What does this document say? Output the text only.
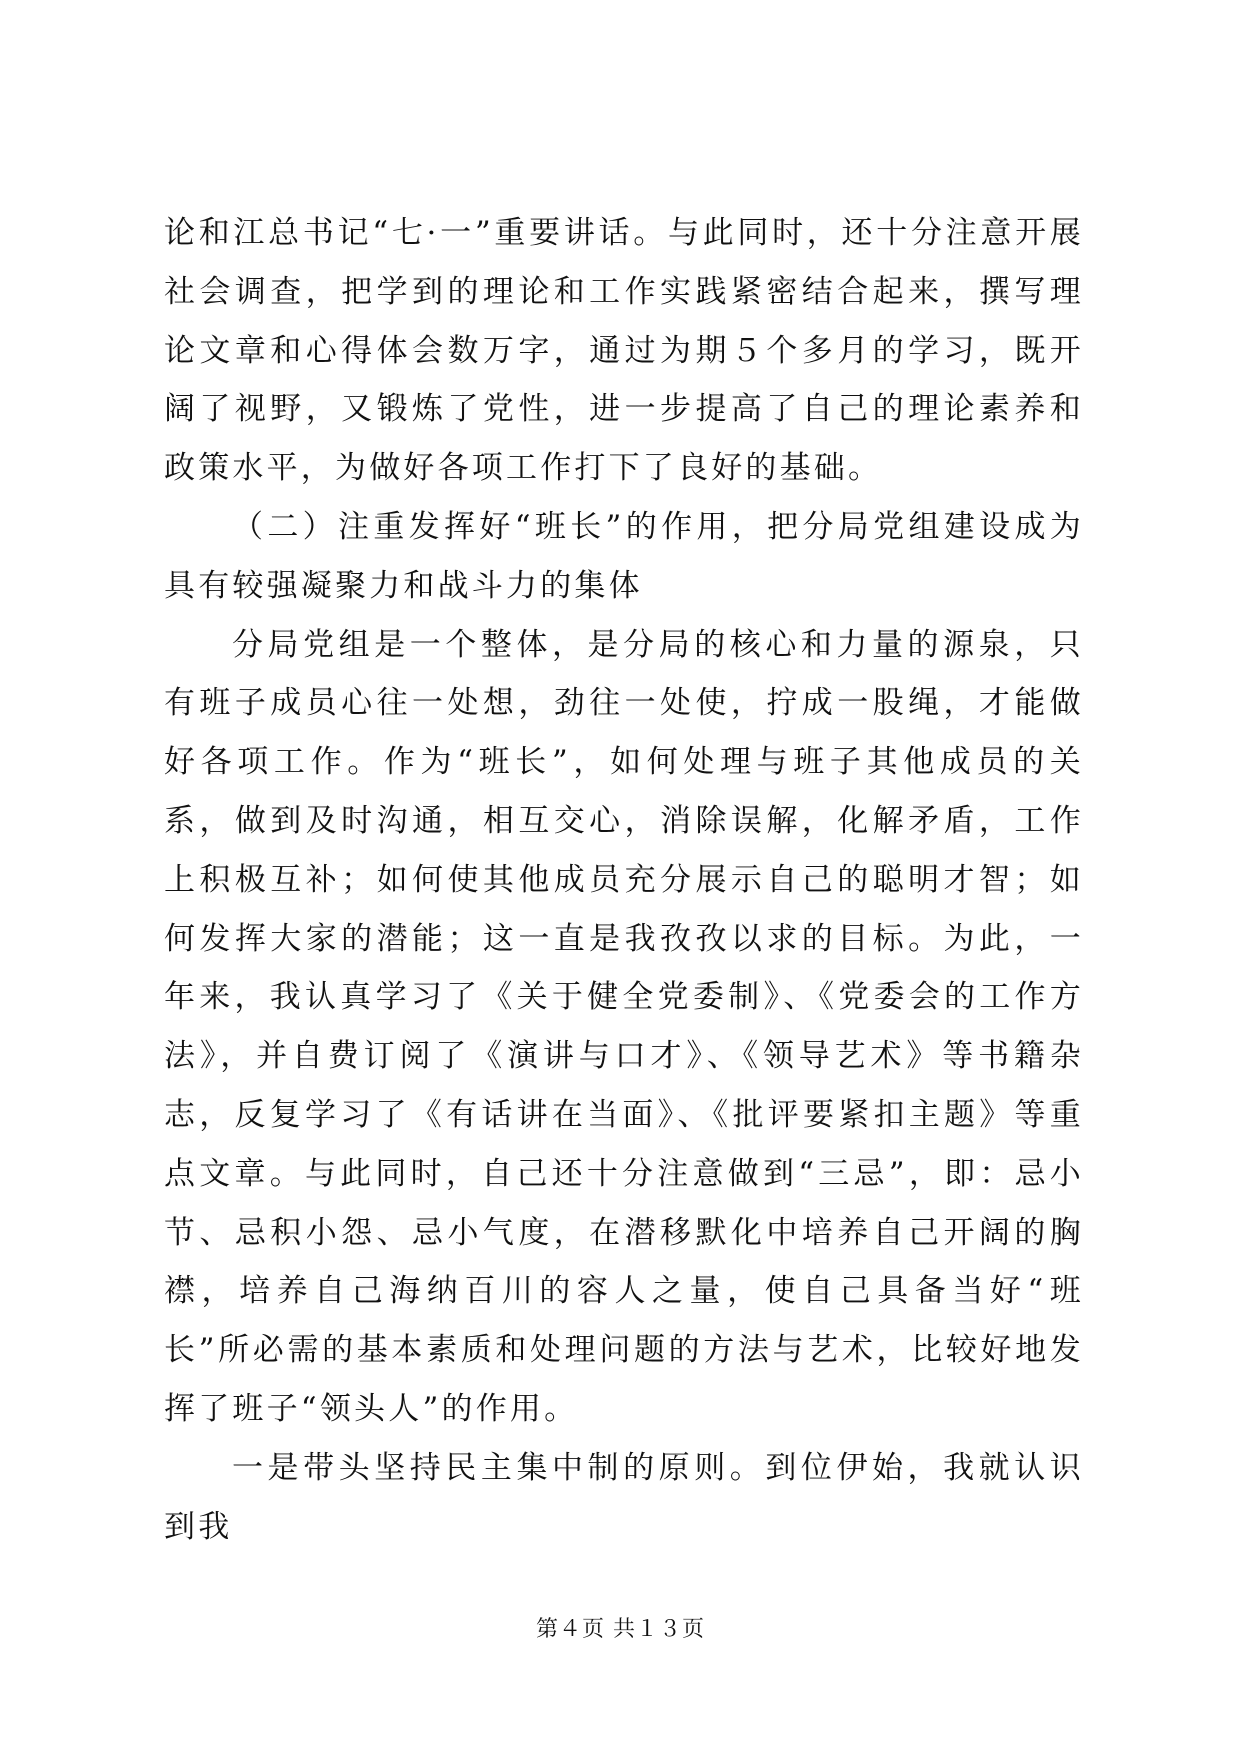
论和江总书记“七·一”重要讲话。与此同时，还十分注意开展社会调查，把学到的理论和工作实践紧密结合起来，撰写理论文章和心得体会数万字，通过为期５个多月的学习，既开阔了视野，又锻炼了党性，进一步提高了自己的理论素养和政策水平，为做好各项工作打下了良好的基础。

（二）注重发挥好“班长”的作用，把分局党组建设成为具有较强凝聚力和战斗力的集体

分局党组是一个整体，是分局的核心和力量的源泉，只有班子成员心往一处想，劲往一处使，拧成一股绳，才能做好各项工作。作为“班长”，如何处理与班子其他成员的关系，做到及时沟通，相互交心，消除误解，化解矛盾，工作上积极互补；如何使其他成员充分展示自己的聪明才智；如何发挥大家的潜能；这一直是我孜孜以求的目标。为此，一年来，我认真学习了《关于健全党委制》、《党委会的工作方法》，并自费订阅了《演讲与口才》、《领导艺术》等书籍杂志，反复学习了《有话讲在当面》、《批评要紧扣主题》等重点文章。与此同时，自己还十分注意做到“三忌”，即：忌小节、忌积小怨、忌小气度，在潜移默化中培养自己开阔的胸襟，培养自己海纳百川的容人之量，使自己具备当好“班长”所必需的基本素质和处理问题的方法与艺术，比较好地发挥了班子“领头人”的作用。

一是带头坚持民主集中制的原则。到位伊始，我就认识到我

第４页 共１３页
